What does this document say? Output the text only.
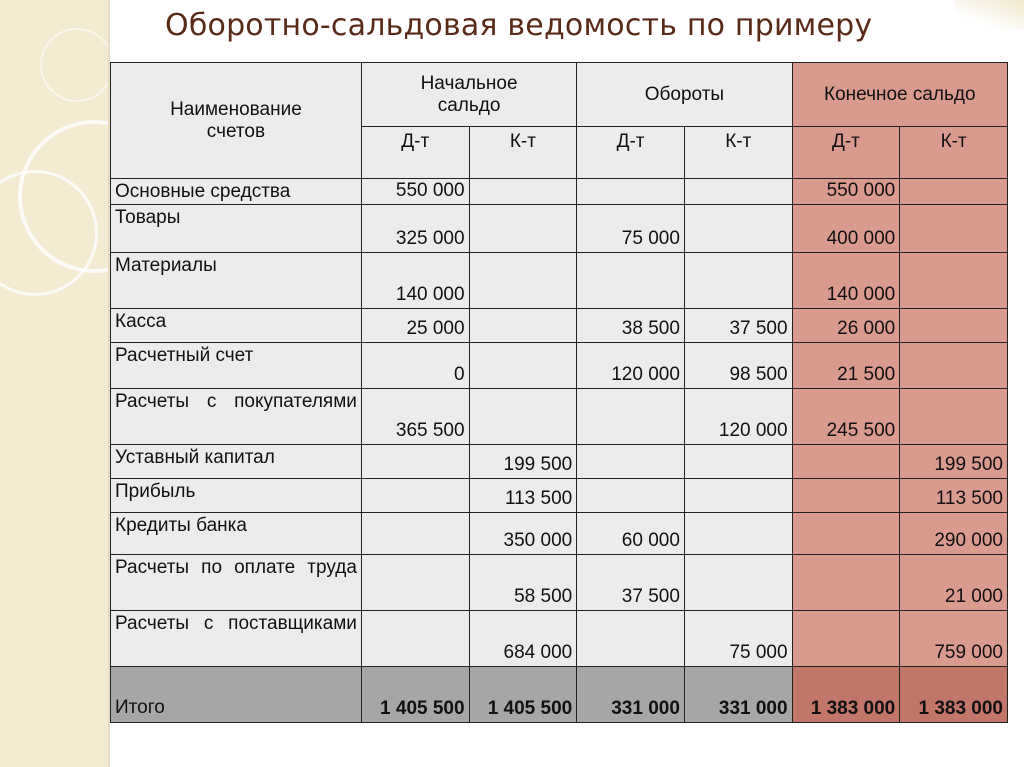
Оборотно-сальдовая ведомость по примеру
Наименование счетов	Начальное сальдо		Обороты		Конечное сальдо	
	Д-т	К-т	Д-т	К-т	Д-т	К-т
Основные средства	550 000				550 000	
Товары	325 000		75 000		400 000	
Материалы	140 000				140 000	
Касса	25 000		38 500	37 500	26 000	
Расчетный счет	0		120 000	98 500	21 500	
Расчеты с покупателями	365 500			120 000	245 500	
Уставный капитал		199 500				199 500
Прибыль		113 500				113 500
Кредиты банка		350 000	60 000			290 000
Расчеты по оплате труда		58 500	37 500			21 000
Расчеты с поставщиками		684 000		75 000		759 000
Итого	1 405 500	1 405 500	331 000	331 000	1 383 000	1 383 000
